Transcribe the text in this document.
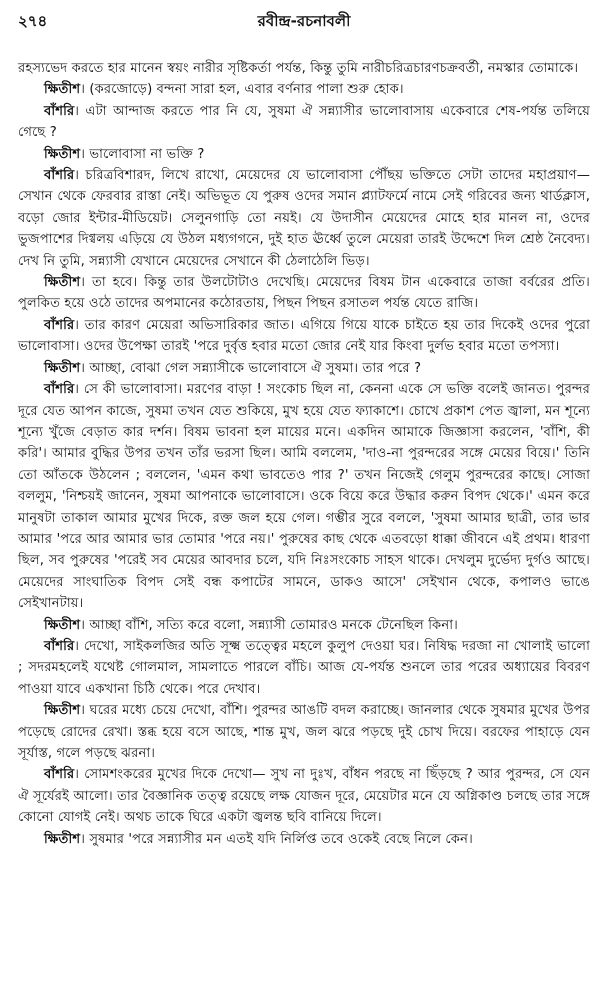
২৭৪	রবীন্দ্র-রচনাবলী

রহস্যভেদ করতে হার মানেন স্বয়ং নারীর সৃষ্টিকর্তা পর্যন্ত, কিন্তু তুমি নারীচরিত্রচারণচক্রবর্তী, নমস্কার তোমাকে।

ক্ষিতীশ। (করজোড়ে) বন্দনা সারা হল, এবার বর্ণনার পালা শুরু হোক।

বাঁশরি। এটা আন্দাজ করতে পার নি যে, সুষমা ঐ সন্ন্যাসীর ভালোবাসায় একেবারে শেষ-পর্যন্ত তলিয়ে গেছে ?

ক্ষিতীশ। ভালোবাসা না ভক্তি ?

বাঁশরি। চরিত্রবিশারদ, লিখে রাখো, মেয়েদের যে ভালোবাসা পৌঁছয় ভক্তিতে সেটা তাদের মহাপ্রয়াণ— সেখান থেকে ফেরবার রাস্তা নেই। অভিভূত যে পুরুষ ওদের সমান প্ল্যাটফর্মে নামে সেই গরিবের জন্য থার্ডক্লাস, বড়ো জোর ইন্টার-মীডিয়েট। সেলুনগাড়ি তো নয়ই। যে উদাসীন মেয়েদের মোহে হার মানল না, ওদের ভুজপাশের দিগ্বলয় এড়িয়ে যে উঠল মধ্যগগনে, দুই হাত ঊর্ধ্বে তুলে মেয়েরা তারই উদ্দেশে দিল শ্রেষ্ঠ নৈবেদ্য। দেখ নি তুমি, সন্ন্যাসী যেখানে মেয়েদের সেখানে কী ঠেলাঠেলি ভিড়।

ক্ষিতীশ। তা হবে। কিন্তু তার উলটোটাও দেখেছি। মেয়েদের বিষম টান একেবারে তাজা বর্বরের প্রতি। পুলকিত হয়ে ওঠে তাদের অপমানের কঠোরতায়, পিছন পিছন রসাতল পর্যন্ত যেতে রাজি।

বাঁশরি। তার কারণ মেয়েরা অভিসারিকার জাত। এগিয়ে গিয়ে যাকে চাইতে হয় তার দিকেই ওদের পুরো ভালোবাসা। ওদের উপেক্ষা তারই 'পরে দুর্বৃত্ত হবার মতো জোর নেই যার কিংবা দুর্লভ হবার মতো তপস্যা।

ক্ষিতীশ। আচ্ছা, বোঝা গেল সন্ন্যাসীকে ভালোবাসে ঐ সুষমা। তার পরে ?

বাঁশরি। সে কী ভালোবাসা। মরণের বাড়া ! সংকোচ ছিল না, কেননা একে সে ভক্তি বলেই জানত। পুরন্দর দূরে যেত আপন কাজে, সুষমা তখন যেত শুকিয়ে, মুখ হয়ে যেত ফ্যাকাশে। চোখে প্রকাশ পেত জ্বালা, মন শূন্যে শূন্যে খুঁজে বেড়াত কার দর্শন। বিষম ভাবনা হল মায়ের মনে। একদিন আমাকে জিজ্ঞাসা করলেন, 'বাঁশি, কী করি'। আমার বুদ্ধির উপর তখন তাঁর ভরসা ছিল। আমি বললেম, 'দাও-না পুরন্দরের সঙ্গে মেয়ের বিয়ে।' তিনি তো আঁতকে উঠলেন ; বললেন, 'এমন কথা ভাবতেও পার ?' তখন নিজেই গেলুম পুরন্দরের কাছে। সোজা বললুম, 'নিশ্চয়ই জানেন, সুষমা আপনাকে ভালোবাসে। ওকে বিয়ে করে উদ্ধার করুন বিপদ থেকে।' এমন করে মানুষটা তাকাল আমার মুখের দিকে, রক্ত জল হয়ে গেল। গম্ভীর সুরে বললে, 'সুষমা আমার ছাত্রী, তার ভার আমার 'পরে আর আমার ভার তোমার 'পরে নয়।' পুরুষের কাছ থেকে এতবড়ো ধাক্কা জীবনে এই প্রথম। ধারণা ছিল, সব পুরুষের 'পরেই সব মেয়ের আবদার চলে, যদি নিঃসংকোচ সাহস থাকে। দেখলুম দুর্ভেদ্য দুর্গও আছে। মেয়েদের সাংঘাতিক বিপদ সেই বন্ধ কপাটের সামনে, ডাকও আসে' সেইখান থেকে, কপালও ভাঙে সেইখানটায়।

ক্ষিতীশ। আচ্ছা বাঁশি, সত্যি করে বলো, সন্ন্যাসী তোমারও মনকে টেনেছিল কিনা।

বাঁশরি। দেখো, সাইকলজির অতি সূক্ষ্ম তত্ত্বের মহলে কুলুপ দেওয়া ঘর। নিষিদ্ধ দরজা না খোলাই ভালো ; সদরমহলেই যথেষ্ট গোলমাল, সামলাতে পারলে বাঁচি। আজ যে-পর্যন্ত শুনলে তার পরের অধ্যায়ের বিবরণ পাওয়া যাবে একখানা চিঠি থেকে। পরে দেখাব।

ক্ষিতীশ। ঘরের মধ্যে চেয়ে দেখো, বাঁশি। পুরন্দর আঙটি বদল করাচ্ছে। জানলার থেকে সুষমার মুখের উপর পড়েছে রোদের রেখা। স্তব্ধ হয়ে বসে আছে, শান্ত মুখ, জল ঝরে পড়ছে দুই চোখ দিয়ে। বরফের পাহাড়ে যেন সূর্যাস্ত, গলে পড়ছে ঝরনা।

বাঁশরি। সোমশংকরের মুখের দিকে দেখো— সুখ না দুঃখ, বাঁধন পরছে না ছিঁড়ছে ? আর পুরন্দর, সে যেন ঐ সূর্যেরই আলো। তার বৈজ্ঞানিক তত্ত্ব রয়েছে লক্ষ যোজন দূরে, মেয়েটার মনে যে অগ্নিকাণ্ড চলছে তার সঙ্গে কোনো যোগই নেই। অথচ তাকে ঘিরে একটা জ্বলন্ত ছবি বানিয়ে দিলে।

ক্ষিতীশ। সুষমার 'পরে সন্ন্যাসীর মন এতই যদি নির্লিপ্ত তবে ওকেই বেছে নিলে কেন।
